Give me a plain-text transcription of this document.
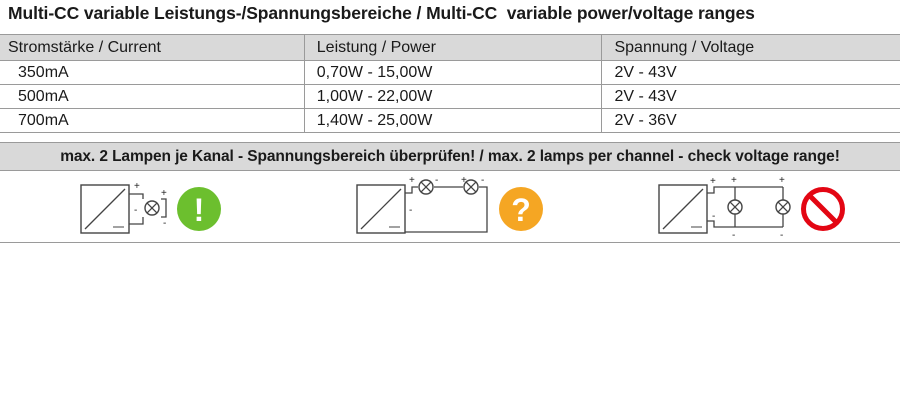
Multi-CC variable Leistungs-/Spannungsbereiche / Multi-CC  variable power/voltage ranges
Stromstärke / Current	Leistung / Power	Spannung / Voltage
350mA	0,70W - 15,00W	2V - 43V
500mA	1,00W - 22,00W	2V - 43V
700mA	1,40W - 25,00W	2V - 36V
max. 2 Lampen je Kanal - Spannungsbereich überprüfen! / max. 2 lamps per channel - check voltage range!
+
-
+
- !
+
-
- + -
?
+
-
+	+
-	-
